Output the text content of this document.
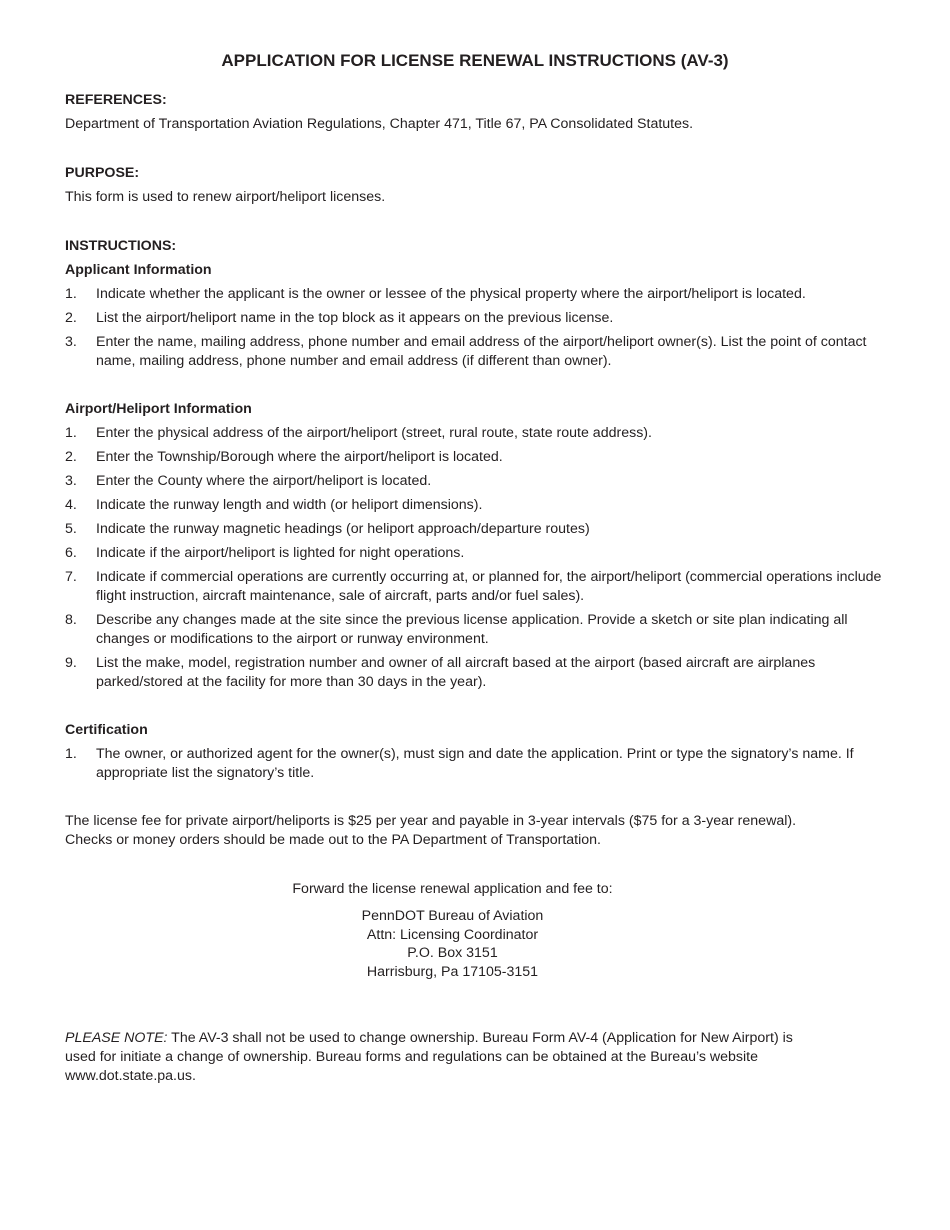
APPLICATION FOR LICENSE RENEWAL INSTRUCTIONS (AV-3)
REFERENCES:

Department of Transportation Aviation Regulations, Chapter 471, Title 67, PA Consolidated Statutes.

PURPOSE:

This form is used to renew airport/heliport licenses.

INSTRUCTIONS:
Applicant Information
1. Indicate whether the applicant is the owner or lessee of the physical property where the airport/heliport is located.
2. List the airport/heliport name in the top block as it appears on the previous license.
3. Enter the name, mailing address, phone number and email address of the airport/heliport owner(s). List the point of contact name, mailing address, phone number and email address (if different than owner).
Airport/Heliport Information
1. Enter the physical address of the airport/heliport (street, rural route, state route address).
2. Enter the Township/Borough where the airport/heliport is located.
3. Enter the County where the airport/heliport is located.
4. Indicate the runway length and width (or heliport dimensions).
5. Indicate the runway magnetic headings (or heliport approach/departure routes)
6. Indicate if the airport/heliport is lighted for night operations.
7. Indicate if commercial operations are currently occurring at, or planned for, the airport/heliport (commercial operations include flight instruction, aircraft maintenance, sale of aircraft, parts and/or fuel sales).
8. Describe any changes made at the site since the previous license application. Provide a sketch or site plan indicating all changes or modifications to the airport or runway environment.
9. List the make, model, registration number and owner of all aircraft based at the airport (based aircraft are airplanes parked/stored at the facility for more than 30 days in the year).
Certification
1. The owner, or authorized agent for the owner(s), must sign and date the application. Print or type the signatory’s name. If appropriate list the signatory’s title.

The license fee for private airport/heliports is $25 per year and payable in 3-year intervals ($75 for a 3-year renewal).
Checks or money orders should be made out to the PA Department of Transportation.

Forward the license renewal application and fee to:
PennDOT Bureau of Aviation
Attn: Licensing Coordinator
P.O. Box 3151
Harrisburg, Pa 17105-3151

PLEASE NOTE: The AV-3 shall not be used to change ownership. Bureau Form AV-4 (Application for New Airport) is used for initiate a change of ownership. Bureau forms and regulations can be obtained at the Bureau’s website www.dot.state.pa.us.
